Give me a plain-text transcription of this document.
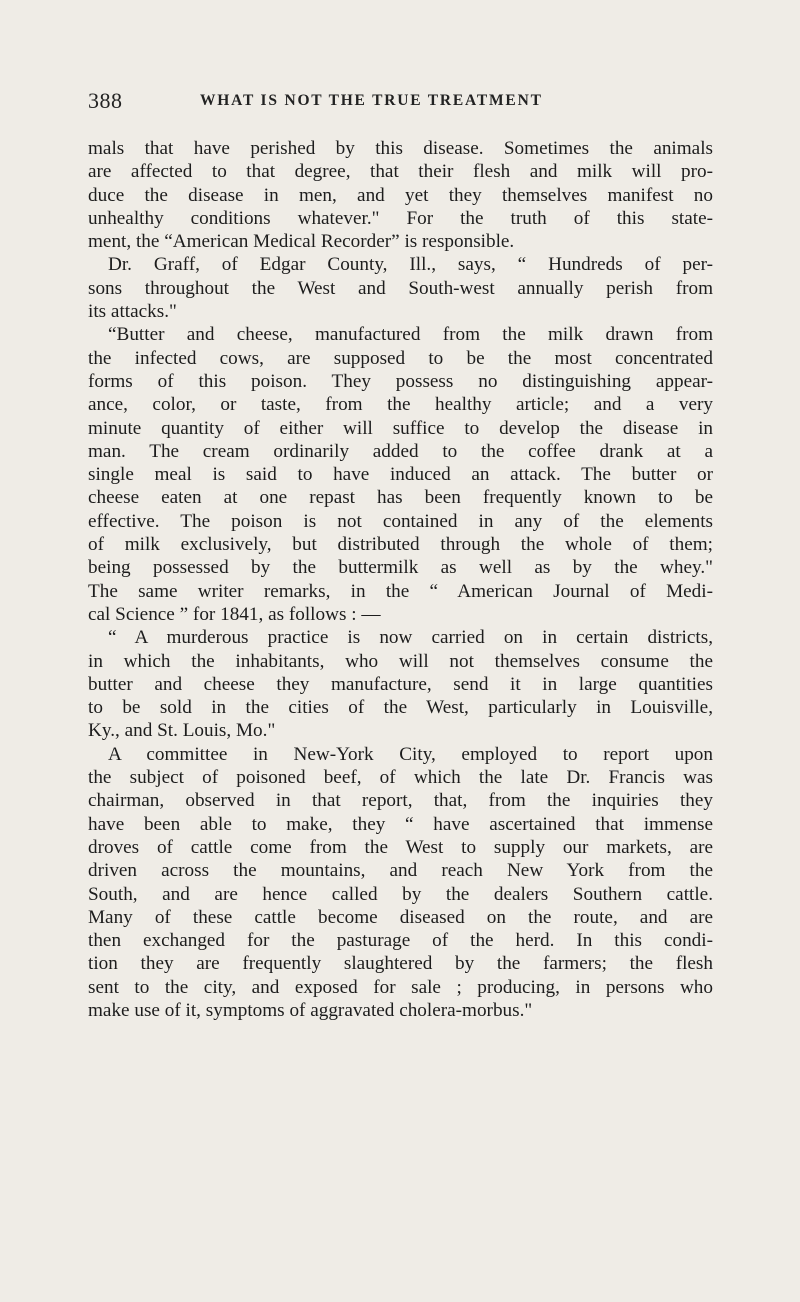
388	WHAT IS NOT THE TRUE TREATMENT

mals that have perished by this disease. Sometimes the animals

are affected to that degree, that their flesh and milk will pro-

duce the disease in men, and yet they themselves manifest no

unhealthy conditions whatever." For the truth of this state-

ment, the “American Medical Recorder” is responsible.

Dr. Graff, of Edgar County, Ill., says, “ Hundreds of per-

sons throughout the West and South-west annually perish from

its attacks."

“Butter and cheese, manufactured from the milk drawn from

the infected cows, are supposed to be the most concentrated

forms of this poison. They possess no distinguishing appear-

ance, color, or taste, from the healthy article; and a very

minute quantity of either will suffice to develop the disease in

man. The cream ordinarily added to the coffee drank at a

single meal is said to have induced an attack. The butter or

cheese eaten at one repast has been frequently known to be

effective. The poison is not contained in any of the elements

of milk exclusively, but distributed through the whole of them;

being possessed by the buttermilk as well as by the whey."

The same writer remarks, in the “ American Journal of Medi-

cal Science ” for 1841, as follows : —

“ A murderous practice is now carried on in certain districts,

in which the inhabitants, who will not themselves consume the

butter and cheese they manufacture, send it in large quantities

to be sold in the cities of the West, particularly in Louisville,

Ky., and St. Louis, Mo."

A committee in New-York City, employed to report upon

the subject of poisoned beef, of which the late Dr. Francis was

chairman, observed in that report, that, from the inquiries they

have been able to make, they “ have ascertained that immense

droves of cattle come from the West to supply our markets, are

driven across the mountains, and reach New York from the

South, and are hence called by the dealers Southern cattle.

Many of these cattle become diseased on the route, and are

then exchanged for the pasturage of the herd. In this condi-

tion they are frequently slaughtered by the farmers; the flesh

sent to the city, and exposed for sale ; producing, in persons who

make use of it, symptoms of aggravated cholera-morbus."
